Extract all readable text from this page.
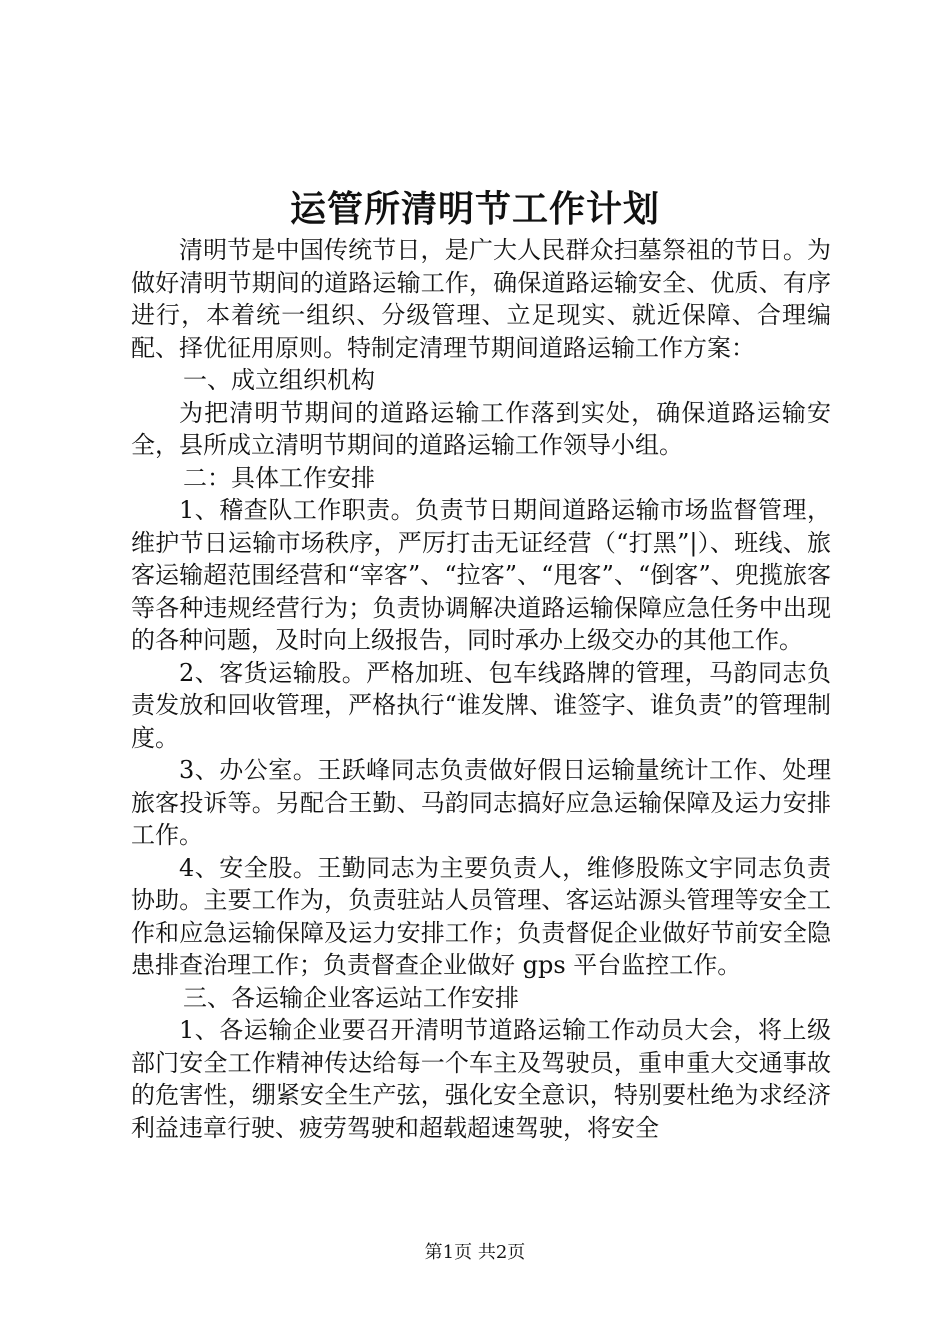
运管所清明节工作计划

清明节是中国传统节日，是广大人民群众扫墓祭祖的节日。为做好清明节期间的道路运输工作，确保道路运输安全、优质、有序进行，本着统一组织、分级管理、立足现实、就近保障、合理编配、择优征用原则。特制定清理节期间道路运输工作方案：

一、成立组织机构

为把清明节期间的道路运输工作落到实处，确保道路运输安全，县所成立清明节期间的道路运输工作领导小组。

二：具体工作安排

1、稽查队工作职责。负责节日期间道路运输市场监督管理，维护节日运输市场秩序，严厉打击无证经营（“打黑”|）、班线、旅客运输超范围经营和“宰客”、“拉客”、“甩客”、“倒客”、兜揽旅客等各种违规经营行为；负责协调解决道路运输保障应急任务中出现的各种问题，及时向上级报告，同时承办上级交办的其他工作。

2、客货运输股。严格加班、包车线路牌的管理，马韵同志负责发放和回收管理，严格执行“谁发牌、谁签字、谁负责”的管理制度。

3、办公室。王跃峰同志负责做好假日运输量统计工作、处理旅客投诉等。另配合王勤、马韵同志搞好应急运输保障及运力安排工作。

4、安全股。王勤同志为主要负责人，维修股陈文宇同志负责协助。主要工作为，负责驻站人员管理、客运站源头管理等安全工作和应急运输保障及运力安排工作；负责督促企业做好节前安全隐患排查治理工作；负责督查企业做好 gps 平台监控工作。

三、各运输企业客运站工作安排

1、各运输企业要召开清明节道路运输工作动员大会，将上级部门安全工作精神传达给每一个车主及驾驶员，重申重大交通事故的危害性，绷紧安全生产弦，强化安全意识，特别要杜绝为求经济利益违章行驶、疲劳驾驶和超载超速驾驶，将安全

第1页 共2页
